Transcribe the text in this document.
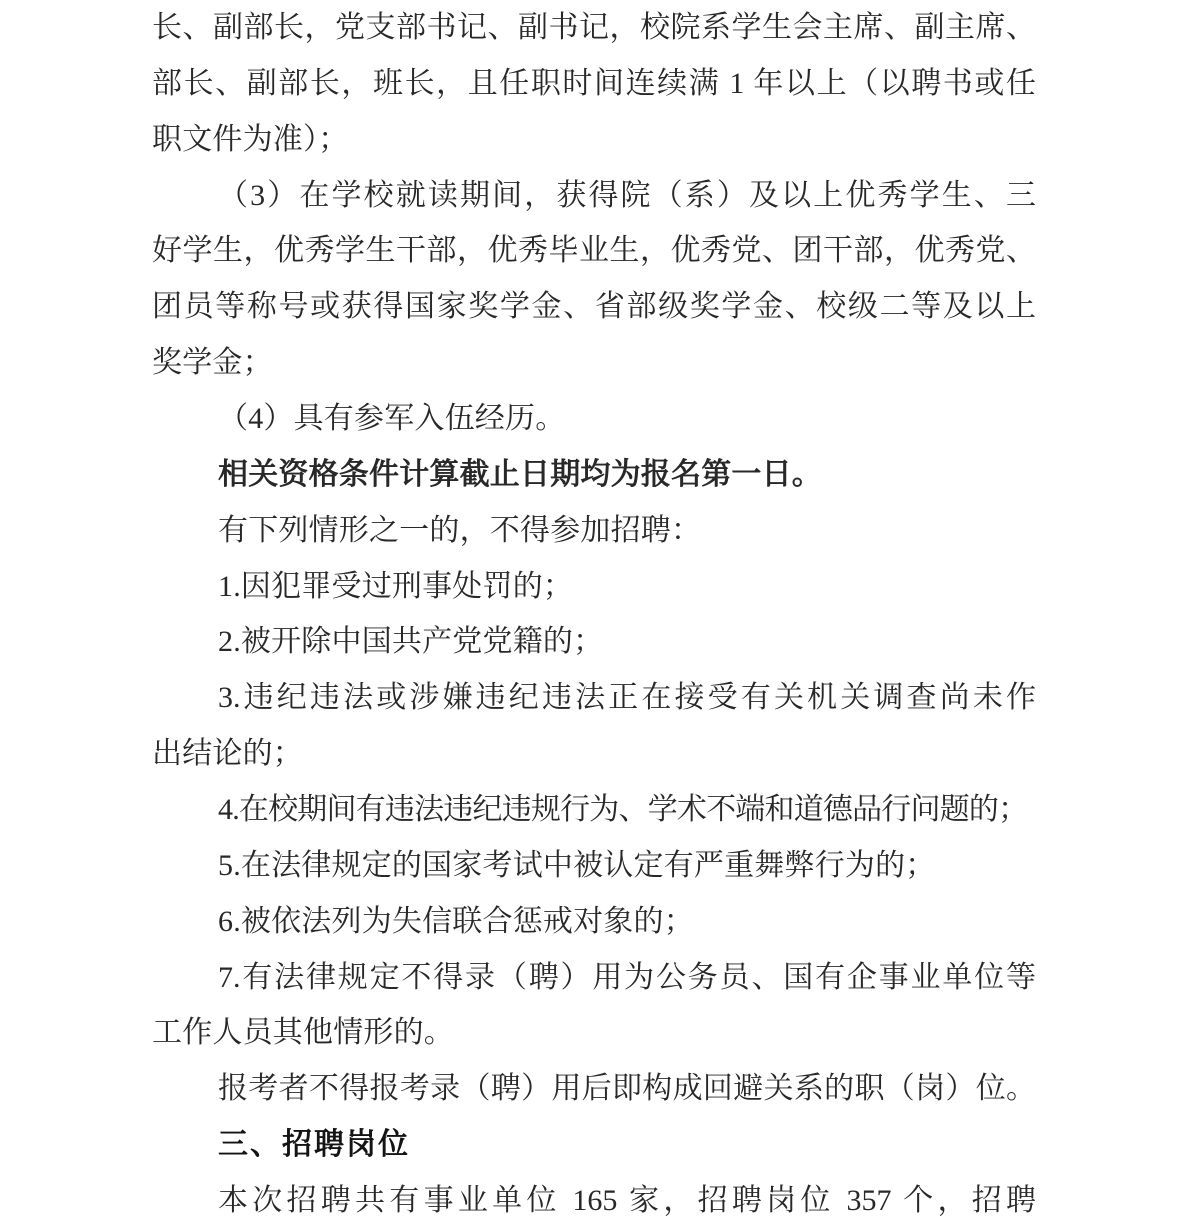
长、副部长，党支部书记、副书记，校院系学生会主席、副主席、
部长、副部长，班长，且任职时间连续满 1 年以上（以聘书或任
职文件为准）；
（3）在学校就读期间，获得院（系）及以上优秀学生、三
好学生，优秀学生干部，优秀毕业生，优秀党、团干部，优秀党、
团员等称号或获得国家奖学金、省部级奖学金、校级二等及以上
奖学金；
（4）具有参军入伍经历。
相关资格条件计算截止日期均为报名第一日。
有下列情形之一的，不得参加招聘：
1.因犯罪受过刑事处罚的；
2.被开除中国共产党党籍的；
3.违纪违法或涉嫌违纪违法正在接受有关机关调查尚未作
出结论的；
4.在校期间有违法违纪违规行为、学术不端和道德品行问题的；
5.在法律规定的国家考试中被认定有严重舞弊行为的；
6.被依法列为失信联合惩戒对象的；
7.有法律规定不得录（聘）用为公务员、国有企事业单位等
工作人员其他情形的。
报考者不得报考录（聘）用后即构成回避关系的职（岗）位。
三、招聘岗位
本次招聘共有事业单位 165 家，招聘岗位 357 个，招聘
